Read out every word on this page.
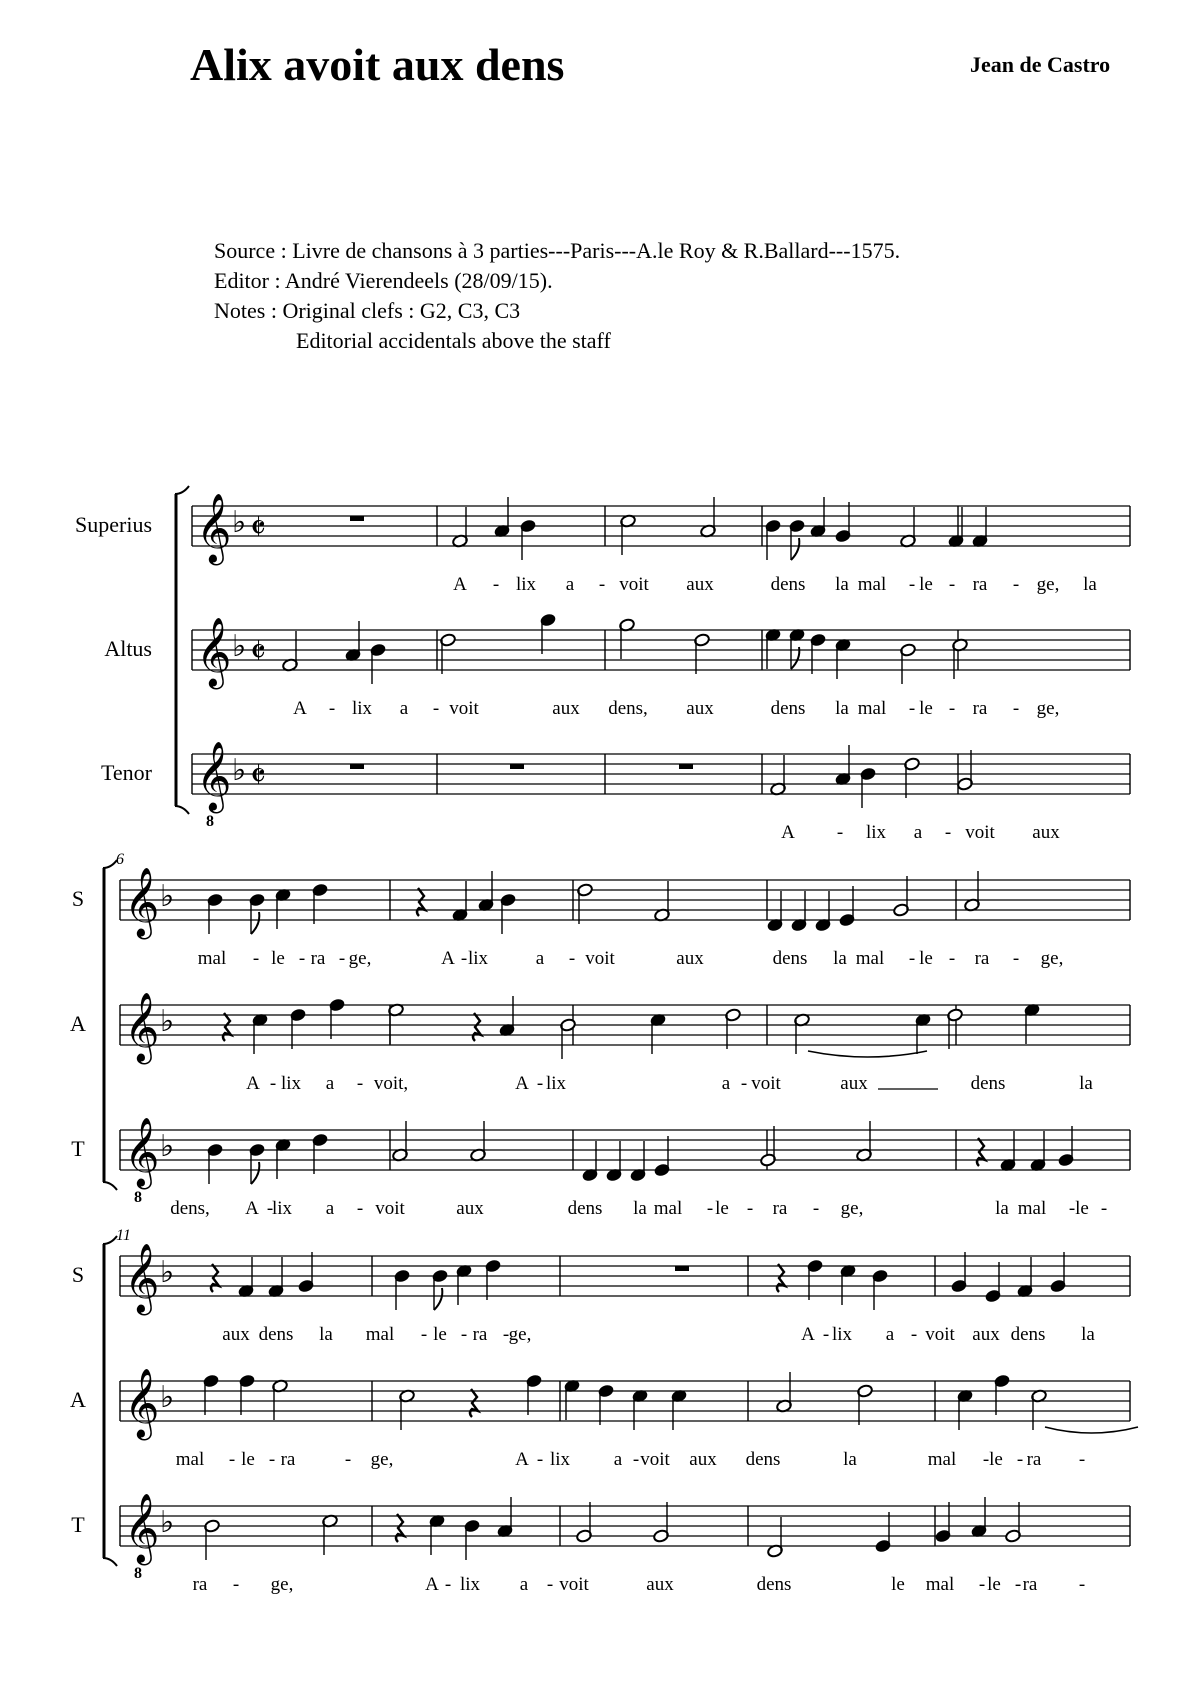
Alix avoit aux dens	Jean de Castro
Source : Livre de chansons à 3 parties---Paris---A.le Roy & R.Ballard---1575.
Editor : André Vierendeels (28/09/15).
Notes : Original clefs : G2, C3, C3
Editorial accidentals above the staff
Superius 𝄞 ♭ 𝄵
A - lix a - voit aux	dens la mal - le - ra - ge, la
Altus 𝄞 ♭ 𝄵
A - lix a - voit	aux dens, aux	dens la mal - le - ra - ge,
Tenor 𝄞
8
♭ 𝄵
A - lix a - voit aux
6
S 𝄞 ♭
mal - le - ra - ge,	A - lix	a - voit	aux	dens la mal - le - ra - ge,
A 𝄞 ♭
A - lix a - voit,	A - lix	a - voit	aux	dens	la
T 𝄞
8
♭
dens, A -
lix a - voit	aux	dens la mal - le - ra - ge,	la mal - le -
11
S 𝄞 ♭
aux dens la mal - le - ra - ge,	A - lix a - voit aux dens la
A 𝄞 ♭
mal - le - ra	- ge,	A - lix a - voit aux dens	la	mal - le - ra -
T 𝄞
8
♭
ra - ge,	A - lix a - voit	aux	dens	le mal - le - ra -
